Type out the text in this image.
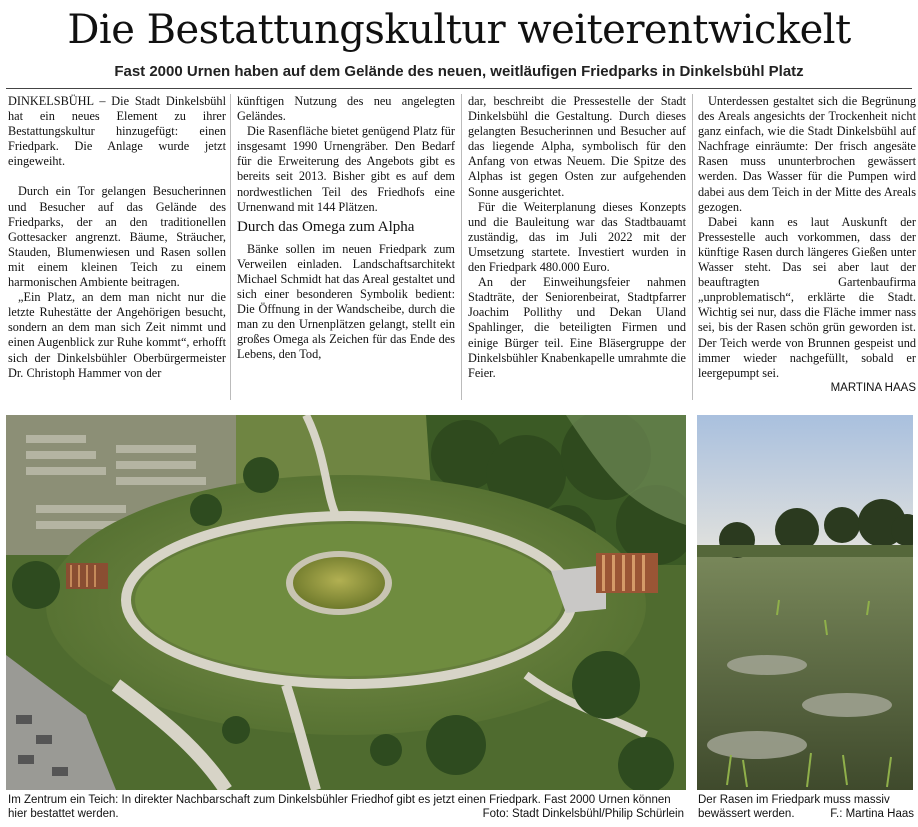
Die Bestattungskultur weiterentwickelt
Fast 2000 Urnen haben auf dem Gelände des neuen, weitläufigen Friedparks in Dinkelsbühl Platz

DINKELSBÜHL – Die Stadt Dinkelsbühl hat ein neues Element zu ihrer Bestattungskultur hinzugefügt: einen Friedpark. Die Anlage wurde jetzt eingeweiht.

Durch ein Tor gelangen Besucherinnen und Besucher auf das Gelände des Friedparks, der an den traditionellen Gottesacker angrenzt. Bäume, Sträucher, Stauden, Blumenwiesen und Rasen sollen mit einem kleinen Teich zu einem harmonischen Ambiente beitragen.

„Ein Platz, an dem man nicht nur die letzte Ruhestätte der Angehörigen besucht, sondern an dem man sich Zeit nimmt und einen Augenblick zur Ruhe kommt“, erhofft sich der Dinkelsbühler Oberbürgermeister Dr. Christoph Hammer von der

künftigen Nutzung des neu angelegten Geländes.

Die Rasenfläche bietet genügend Platz für insgesamt 1990 Urnengräber. Den Bedarf für die Erweiterung des Angebots gibt es bereits seit 2013. Bisher gibt es auf dem nordwestlichen Teil des Friedhofs eine Urnenwand mit 144 Plätzen.

Durch das Omega zum Alpha

Bänke sollen im neuen Friedpark zum Verweilen einladen. Landschaftsarchitekt Michael Schmidt hat das Areal gestaltet und sich einer besonderen Symbolik bedient: Die Öffnung in der Wandscheibe, durch die man zu den Urnenplätzen gelangt, stellt ein großes Omega als Zeichen für das Ende des Lebens, den Tod,

dar, beschreibt die Pressestelle der Stadt Dinkelsbühl die Gestaltung. Durch dieses gelangten Besucherinnen und Besucher auf das liegende Alpha, symbolisch für den Anfang von etwas Neuem. Die Spitze des Alphas ist gegen Osten zur aufgehenden Sonne ausgerichtet.

Für die Weiterplanung dieses Konzepts und die Bauleitung war das Stadtbauamt zuständig, das im Juli 2022 mit der Umsetzung startete. Investiert wurden in den Friedpark 480.000 Euro.

An der Einweihungsfeier nahmen Stadträte, der Seniorenbeirat, Stadtpfarrer Joachim Pollithy und Dekan Uland Spahlinger, die beteiligten Firmen und einige Bürger teil. Eine Bläsergruppe der Dinkelsbühler Knabenkapelle umrahmte die Feier.

Unterdessen gestaltet sich die Begrünung des Areals angesichts der Trockenheit nicht ganz einfach, wie die Stadt Dinkelsbühl auf Nachfrage einräumte: Der frisch angesäte Rasen muss ununterbrochen gewässert werden. Das Wasser für die Pumpen wird dabei aus dem Teich in der Mitte des Areals gezogen.

Dabei kann es laut Auskunft der Pressestelle auch vorkommen, dass der künftige Rasen durch längeres Gießen unter Wasser steht. Das sei aber laut der beauftragten Gartenbaufirma „unproblematisch“, erklärte die Stadt. Wichtig sei nur, dass die Fläche immer nass sei, bis der Rasen schön grün geworden ist. Der Teich werde von Brunnen gespeist und immer wieder nachgefüllt, sobald er leergepumpt sei.

MARTINA HAAS
Im Zentrum ein Teich: In direkter Nachbarschaft zum Dinkelsbühler Friedhof gibt es jetzt einen Friedpark. Fast 2000 Urnen können hier bestattet werden.	Foto: Stadt Dinkelsbühl/Philip Schürlein
Der Rasen im Friedpark muss massiv bewässert werden.	F.: Martina Haas
